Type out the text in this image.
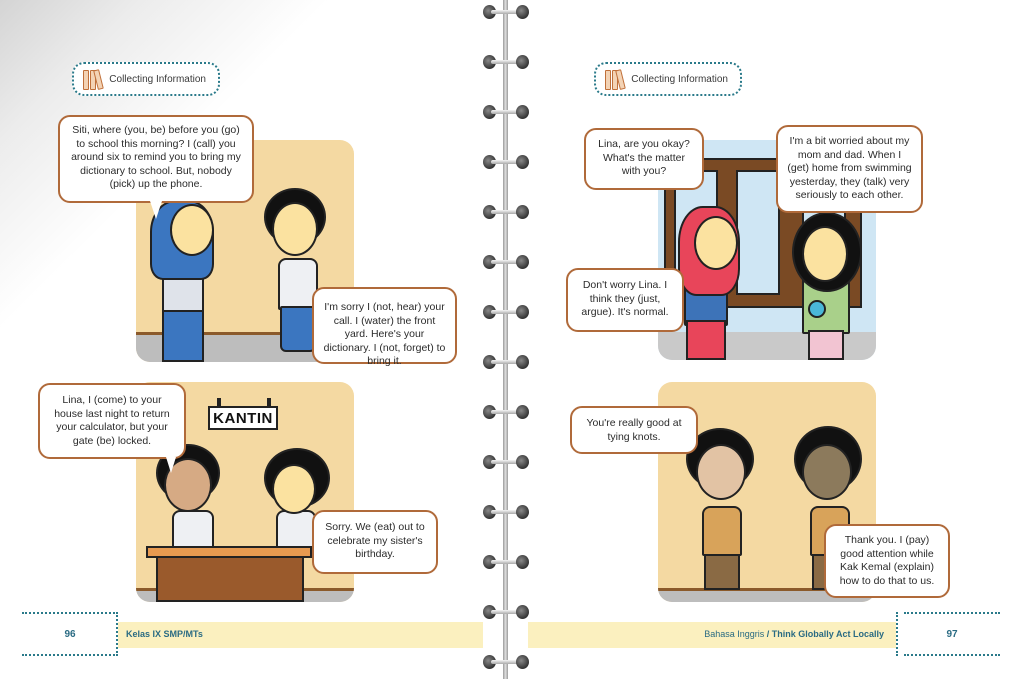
Collecting Information
Siti, where (you, be) before you (go) to school this morning? I (call) you around six to remind you to bring my dictionary to school. But, nobody (pick) up the phone.
I'm sorry I (not, hear) your call. I (water) the front yard. Here's your dictionary. I (not, forget) to bring it.
KANTIN
Lina, I (come) to your house last night to return your calculator, but your gate (be) locked.
Sorry. We (eat) out to celebrate my sister's birthday.
96	Kelas IX SMP/MTs
Collecting Information
Lina, are you okay? What's the matter with you?
I'm a bit worried about my mom and dad. When I (get) home from swimming yesterday, they (talk) very seriously to each other.
Don't worry Lina. I think they (just, argue). It's normal.
You're really good at tying knots.
Thank you. I (pay) good attention while Kak Kemal (explain) how to do that to us.
Bahasa Inggris / Think Globally Act Locally	97
